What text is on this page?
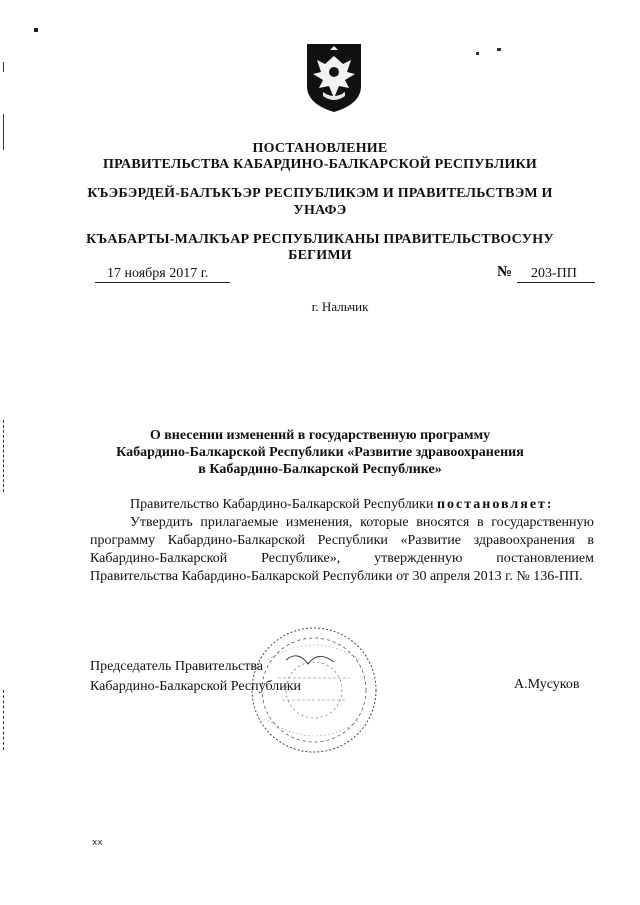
ПОСТАНОВЛЕНИЕ
ПРАВИТЕЛЬСТВА КАБАРДИНО-БАЛКАРСКОЙ РЕСПУБЛИКИ
КЪЭБЭРДЕЙ-БАЛЪКЪЭР РЕСПУБЛИКЭМ И ПРАВИТЕЛЬСТВЭМ И
УНАФЭ
КЪАБАРТЫ-МАЛКЪАР РЕСПУБЛИКАНЫ ПРАВИТЕЛЬСТВОСУНУ
БЕГИМИ
17 ноября 2017 г.	№	203-ПП
г. Нальчик
О внесении изменений в государственную программу
Кабардино-Балкарской Республики «Развитие здравоохранения
в Кабардино-Балкарской Республике»
Правительство Кабардино-Балкарской Республики постановляет:
Утвердить прилагаемые изменения, которые вносятся в государственную программу Кабардино-Балкарской Республики «Развитие здравоохранения в Кабардино-Балкарской Республике», утвержденную постановлением Правительства Кабардино-Балкарской Республики от 30 апреля 2013 г. № 136-ПП.
Председатель Правительства
Кабардино-Балкарской Республики	А.Мусуков
xx
